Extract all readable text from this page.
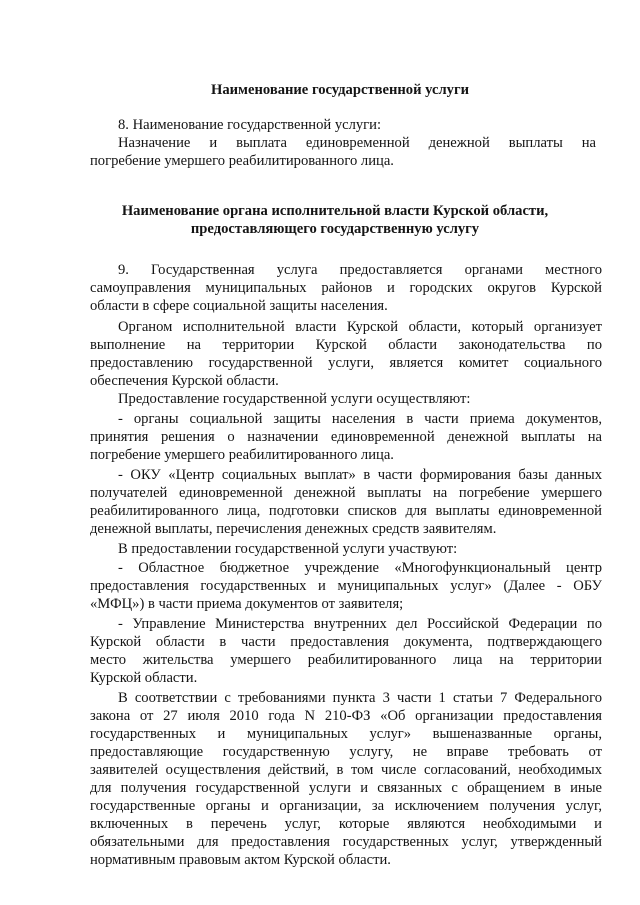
Наименование государственной услуги
8. Наименование государственной услуги:
Назначение и выплата единовременной денежной выплаты на
погребение умершего реабилитированного лица.
Наименование органа исполнительной власти Курской области,
предоставляющего государственную услугу
9. Государственная услуга предоставляется органами местного
самоуправления муниципальных районов и городских округов Курской
области в сфере социальной защиты населения.
Органом исполнительной власти Курской области, который организует
выполнение на территории Курской области законодательства по
предоставлению государственной услуги, является комитет социального
обеспечения Курской области.
Предоставление государственной услуги осуществляют:
- органы социальной защиты населения в части приема документов,
принятия решения о назначении единовременной денежной выплаты на
погребение умершего реабилитированного лица.
- ОКУ «Центр социальных выплат» в части формирования базы данных
получателей единовременной денежной выплаты на погребение умершего
реабилитированного лица, подготовки списков для выплаты единовременной
денежной выплаты, перечисления денежных средств заявителям.
В предоставлении государственной услуги участвуют:
- Областное бюджетное учреждение «Многофункциональный центр
предоставления государственных и муниципальных услуг» (Далее - ОБУ
«МФЦ») в части приема документов от заявителя;
- Управление Министерства внутренних дел Российской Федерации по
Курской области в части предоставления документа, подтверждающего
место жительства умершего реабилитированного лица на территории
Курской области.
В соответствии с требованиями пункта 3 части 1 статьи 7 Федерального
закона от 27 июля 2010 года N 210-ФЗ «Об организации предоставления
государственных и муниципальных услуг» вышеназванные органы,
предоставляющие государственную услугу, не вправе требовать от
заявителей осуществления действий, в том числе согласований, необходимых
для получения государственной услуги и связанных с обращением в иные
государственные органы и организации, за исключением получения услуг,
включенных в перечень услуг, которые являются необходимыми и
обязательными для предоставления государственных услуг, утвержденный
нормативным правовым актом Курской области.
